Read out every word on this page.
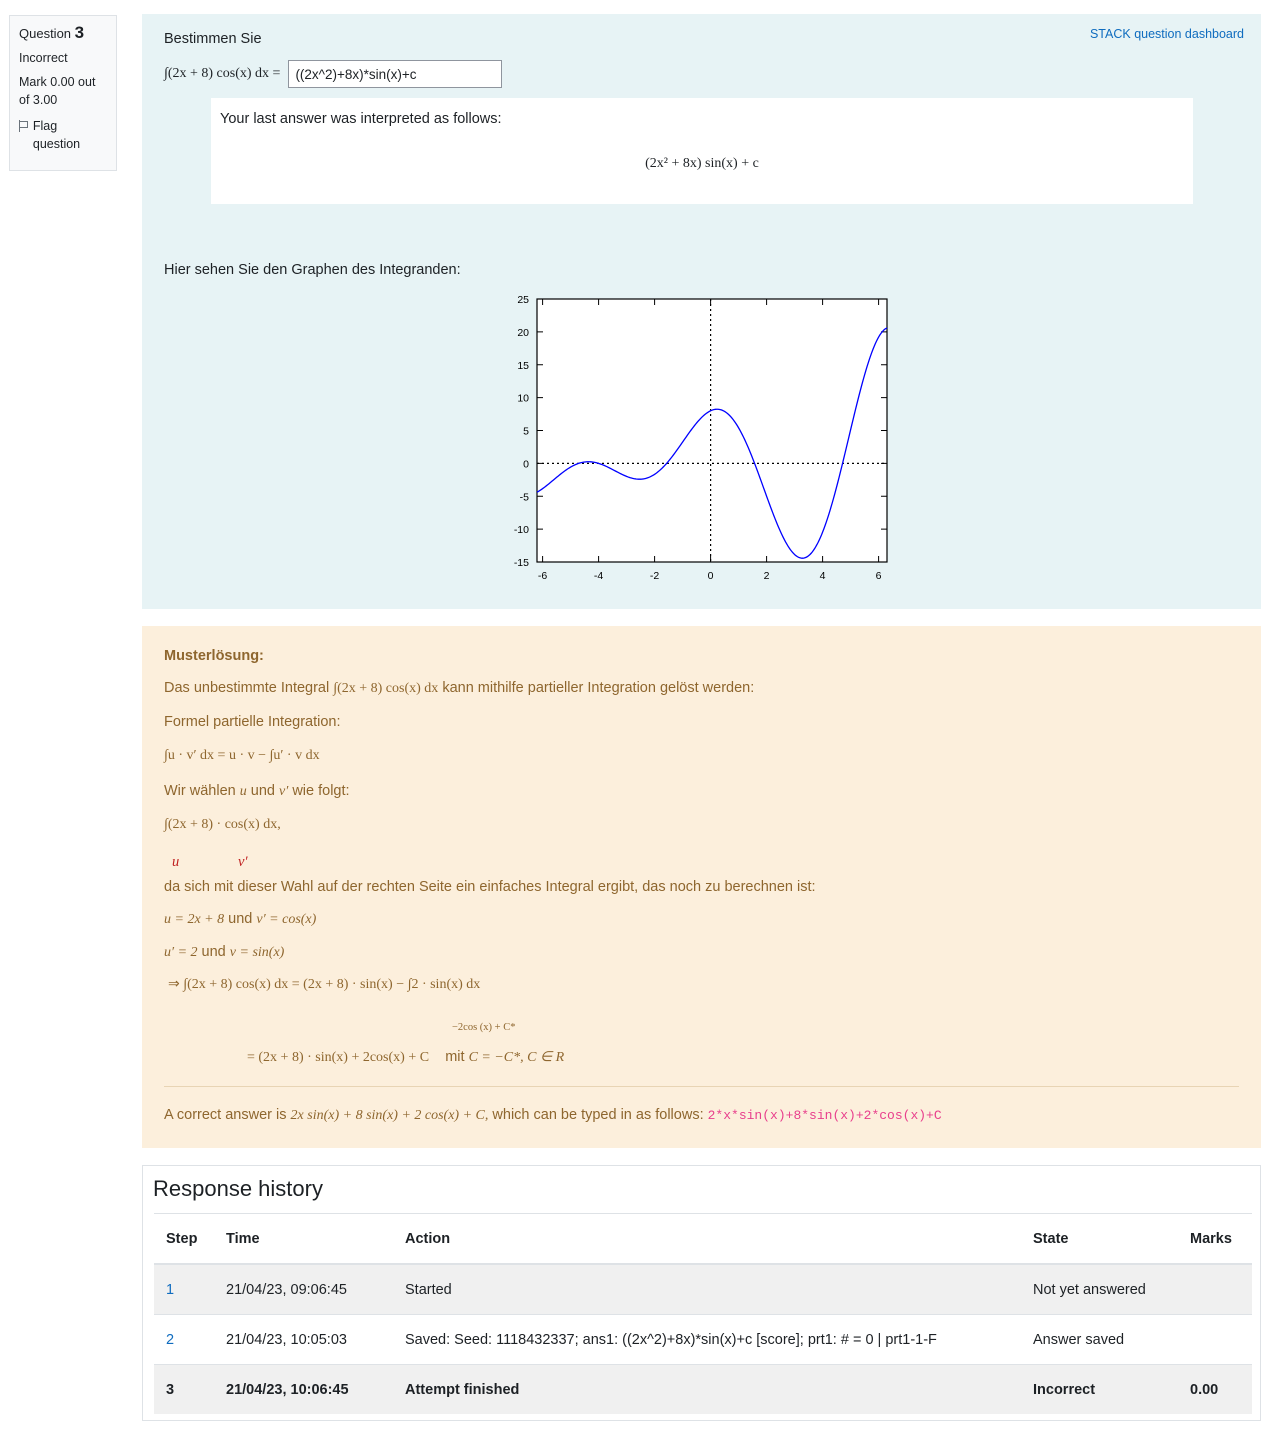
Question 3
Incorrect
Mark 0.00 out of 3.00
Flag question
STACK question dashboard
Bestimmen Sie
∫(2x + 8) cos(x) dx =
((2x^2)+8x)*sin(x)+c
Your last answer was interpreted as follows:
(2x² + 8x) sin(x) + c
Hier sehen Sie den Graphen des Integranden:
-6	-4	-2	0	2	4	6
25
20
15
10
5
0
-5
-10
-15
Musterlösung:
Das unbestimmte Integral ∫(2x + 8) cos(x) dx kann mithilfe partieller Integration gelöst werden:
Formel partielle Integration:
∫u · v′ dx = u · v − ∫u′ · v dx
Wir wählen u und v′ wie folgt:
∫(2x + 8) · cos(x) dx,
u	v′
da sich mit dieser Wahl auf der rechten Seite ein einfaches Integral ergibt, das noch zu berechnen ist:
u = 2x + 8 und v′ = cos(x)
u′ = 2 und v = sin(x)
⇒ ∫(2x + 8) cos(x) dx = (2x + 8) · sin(x) − ∫2 · sin(x) dx
−2cos (x) + C*
= (2x + 8) · sin(x) + 2cos(x) + C mit C = −C*, C ∈ R
A correct answer is 2x sin(x) + 8 sin(x) + 2 cos(x) + C, which can be typed in as follows: 2*x*sin(x)+8*sin(x)+2*cos(x)+C
Response history
Step	Time	Action	State	Marks
1	21/04/23, 09:06:45	Started	Not yet answered	
2	21/04/23, 10:05:03	Saved: Seed: 1118432337; ans1: ((2x^2)+8x)*sin(x)+c [score]; prt1: # = 0 | prt1-1-F	Answer saved	
3	21/04/23, 10:06:45	Attempt finished	Incorrect	0.00
